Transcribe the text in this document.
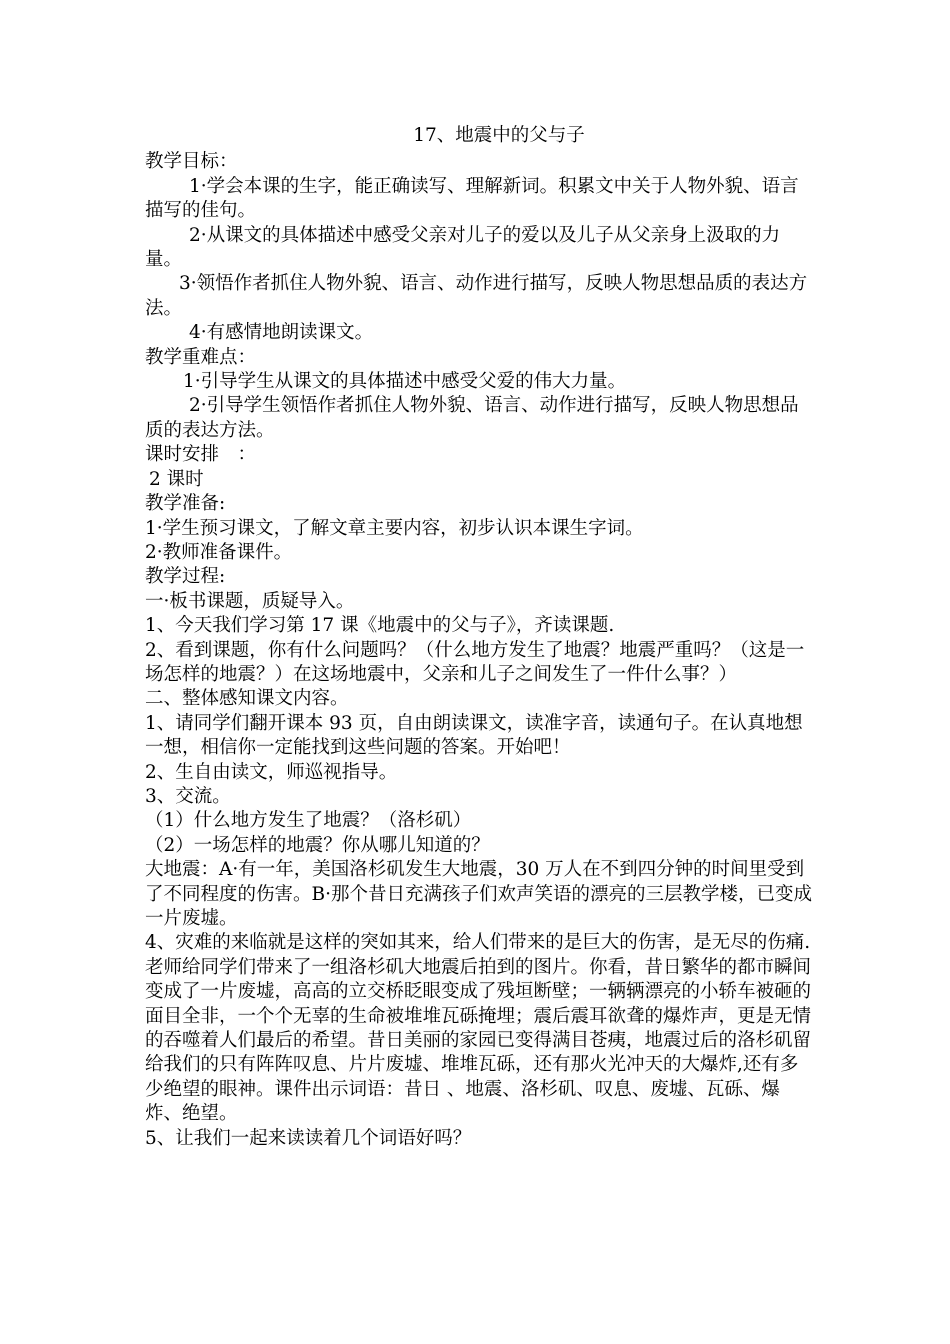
17、地震中的父与子

教学目标：

1·学会本课的生字，能正确读写、理解新词。积累文中关于人物外貌、语言描写的佳句。

2·从课文的具体描述中感受父亲对儿子的爱以及儿子从父亲身上汲取的力量。

3·领悟作者抓住人物外貌、语言、动作进行描写，反映人物思想品质的表达方法。

4·有感情地朗读课文。

教学重难点：

1·引导学生从课文的具体描述中感受父爱的伟大力量。

2·引导学生领悟作者抓住人物外貌、语言、动作进行描写，反映人物思想品质的表达方法。

课时安排　：

2 课时

教学准备:

1·学生预习课文，了解文章主要内容，初步认识本课生字词。

2·教师准备课件。

教学过程:

一·板书课题，质疑导入。

1、今天我们学习第 17 课《地震中的父与子》，齐读课题.

2、看到课题，你有什么问题吗？（什么地方发生了地震？地震严重吗？（这是一场怎样的地震？）在这场地震中，父亲和儿子之间发生了一件什么事？）

二、整体感知课文内容。

1、请同学们翻开课本 93 页，自由朗读课文，读准字音，读通句子。在认真地想一想，相信你一定能找到这些问题的答案。开始吧！

2、生自由读文，师巡视指导。

3、交流。

（1）什么地方发生了地震？（洛杉矶）

（2）一场怎样的地震？你从哪儿知道的？

大地震：A·有一年，美国洛杉矶发生大地震，30 万人在不到四分钟的时间里受到了不同程度的伤害。B·那个昔日充满孩子们欢声笑语的漂亮的三层教学楼，已变成一片废墟。

4、灾难的来临就是这样的突如其来，给人们带来的是巨大的伤害，是无尽的伤痛.老师给同学们带来了一组洛杉矶大地震后拍到的图片。你看，昔日繁华的都市瞬间变成了一片废墟，高高的立交桥眨眼变成了残垣断壁；一辆辆漂亮的小轿车被砸的面目全非，一个个无辜的生命被堆堆瓦砾掩埋；震后震耳欲聋的爆炸声，更是无情的吞噬着人们最后的希望。昔日美丽的家园已变得满目苍痍，地震过后的洛杉矶留给我们的只有阵阵叹息、片片废墟、堆堆瓦砾，还有那火光冲天的大爆炸,还有多少绝望的眼神。课件出示词语：昔日 、地震、洛杉矶、叹息、废墟、瓦砾、爆炸、绝望。

5、让我们一起来读读着几个词语好吗？
